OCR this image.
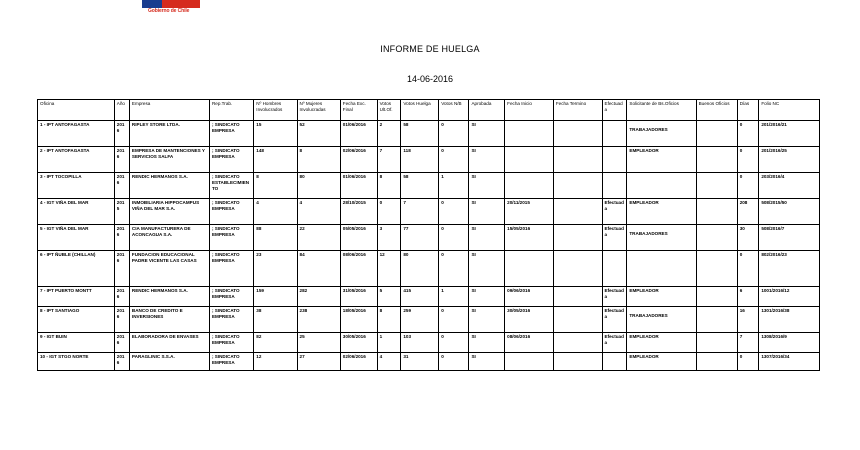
Gobierno de Chile
INFORME DE HUELGA
14-06-2016
Oficina	Año	Empresa	Rep.Trab.	Nº Hombres Involucrados	Nº Mujeres Involucradas	Fecha Exc. Final	Votos Ult.Of.	Votos Huelga	Votos N/B	Aprobada	Fecha Inicio	Fecha Termino	Efectuada	Solicitante de Bs.Oficios	Buenos Oficios	Días	Folio NC
1 - IPT ANTOFAGASTA	2016	RIPLEY STORE LTDA.	; SINDICATO EMPRESA	15	52	01/06/2016	2	58	0	SI				TRABAJADORES		0	201/2016/21
2 - IPT ANTOFAGASTA	2016	EMPRESA DE MANTENCIONES Y SERVICIOS SALFA	; SINDICATO EMPRESA	148	8	02/06/2016	7	118	0	SI				EMPLEADOR		0	201/2016/25
3 - IPT TOCOPILLA	2016	RENDIC HERMANOS S.A.	; SINDICATO ESTABLECIMIENTO	8	80	01/06/2016	8	58	1	SI						0	203/2016/4
4 - IGT VIÑA DEL MAR	2015	INMOBILIARIA HIPPOCAMPUS VIÑA DEL MAR S.A.	; SINDICATO EMPRESA	4	4	28/10/2015	0	7	0	SI	20/11/2015		Efectuada	EMPLEADOR		208	508/2015/50
5 - IGT VIÑA DEL MAR	2016	CIA MANUFACTURERA DE ACONCAGUA S.A.	; SINDICATO EMPRESA	88	22	05/05/2016	3	77	0	SI	15/05/2016		Efectuada	TRABAJADORES		30	508/2016/7
6 - IPT ÑUBLE (CHILLAN)	2016	FUNDACION EDUCACIONAL PADRE VICENTE LAS CASAS	; SINDICATO EMPRESA	23	84	08/06/2016	12	80	0	SI						0	802/2016/23
7 - IPT PUERTO MONTT	2016	RENDIC HERMANOS S.A.	; SINDICATO EMPRESA	159	282	31/05/2016	5	415	1	SI	09/06/2016		Efectuada	EMPLEADOR		6	1001/2016/12
8 - IPT SANTIAGO	2016	BANCO DE CREDITO E INVERSIONES	; SINDICATO EMPRESA	38	238	18/05/2016	8	259	0	SI	30/05/2016		Efectuada	TRABAJADORES		16	1301/2016/38
9 - IGT BUIN	2016	ELABORADORA DE ENVASES	; SINDICATO EMPRESA	82	25	30/05/2016	1	103	0	SI	08/06/2016		Efectuada	EMPLEADOR		7	1308/2016/9
10 - IGT STGO NORTE	2016	PARAGLINIC S.S.A.	; SINDICATO EMPRESA	12	27	02/06/2016	4	31	0	SI				EMPLEADOR		0	1307/2016/34
